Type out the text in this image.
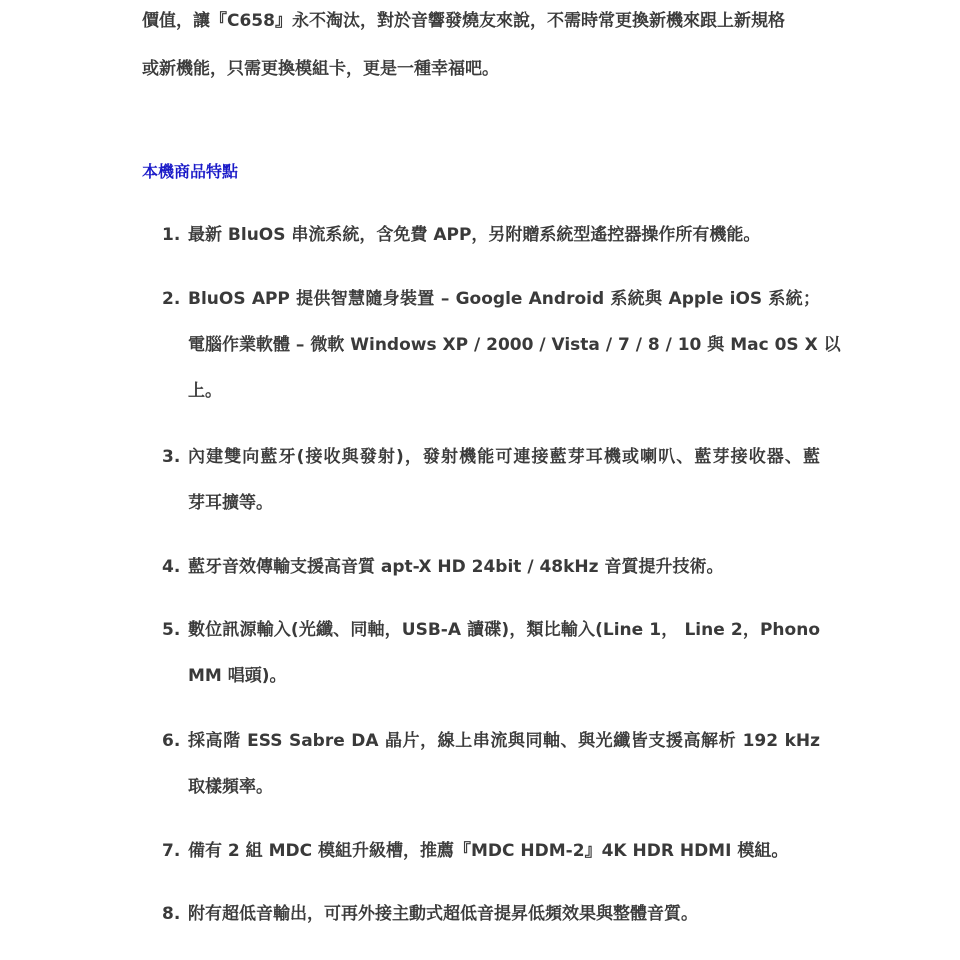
價值，讓『C658』永不淘汰，對於音響發燒友來說，不需時常更換新機來跟上新規格
或新機能，只需更換模組卡，更是一種幸福吧。
本機商品特點
1. 最新 BluOS 串流系統，含免費 APP，另附贈系統型遙控器操作所有機能。
2. BluOS APP 提供智慧隨身裝置 – Google Android 系統與 Apple iOS 系統；
電腦作業軟體 – 微軟 Windows XP / 2000 / Vista / 7 / 8 / 10 與 Mac 0S X 以
上。
3. 內建雙向藍牙(接收與發射)，發射機能可連接藍芽耳機或喇叭、藍芽接收器、藍
芽耳擴等。
4. 藍牙音效傳輸支援高音質 apt-X HD 24bit / 48kHz 音質提升技術。
5. 數位訊源輸入(光纖、同軸，USB-A 讀碟)，類比輸入(Line 1， Line 2，Phono
MM 唱頭)。
6. 採高階 ESS Sabre DA 晶片，線上串流與同軸、與光纖皆支援高解析 192 kHz
取樣頻率。
7. 備有 2 組 MDC 模組升級槽，推薦『MDC HDM-2』4K HDR HDMI 模組。
8. 附有超低音輸出，可再外接主動式超低音提昇低頻效果與整體音質。
